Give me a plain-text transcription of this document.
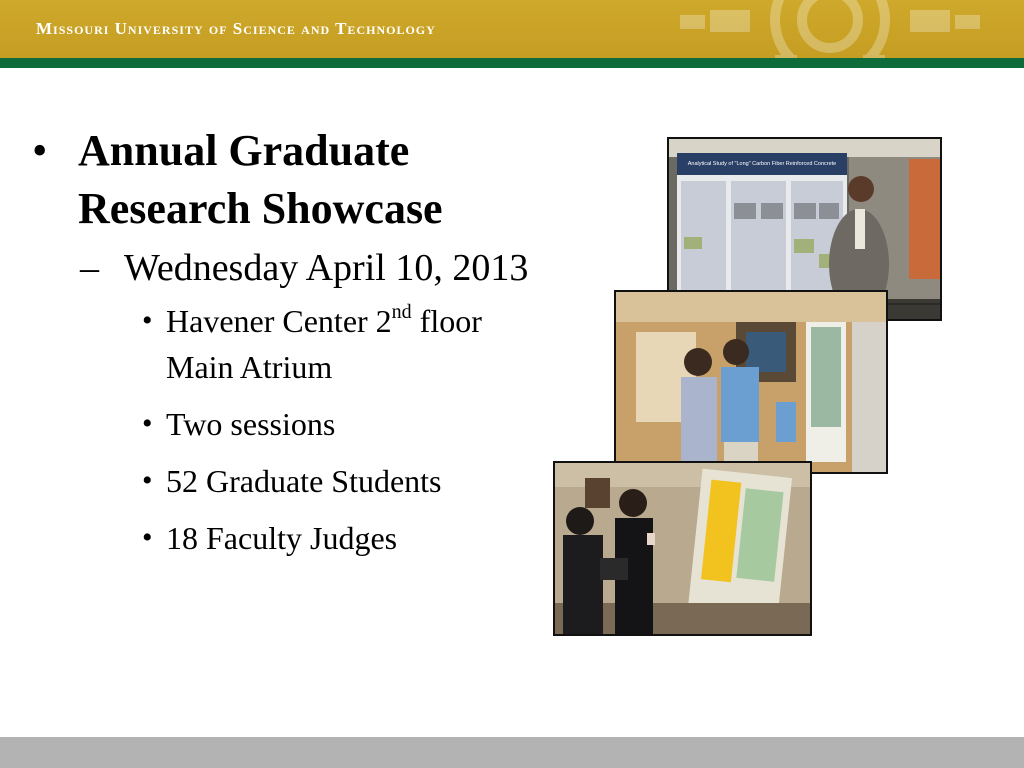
Missouri University of Science and Technology
• Annual Graduate Research Showcase
– Wednesday April 10, 2013
• Havener Center 2nd floor Main Atrium
• Two sessions
• 52 Graduate Students
• 18 Faculty Judges
Analytical Study of "Long" Carbon Fiber Reinforced Concrete
